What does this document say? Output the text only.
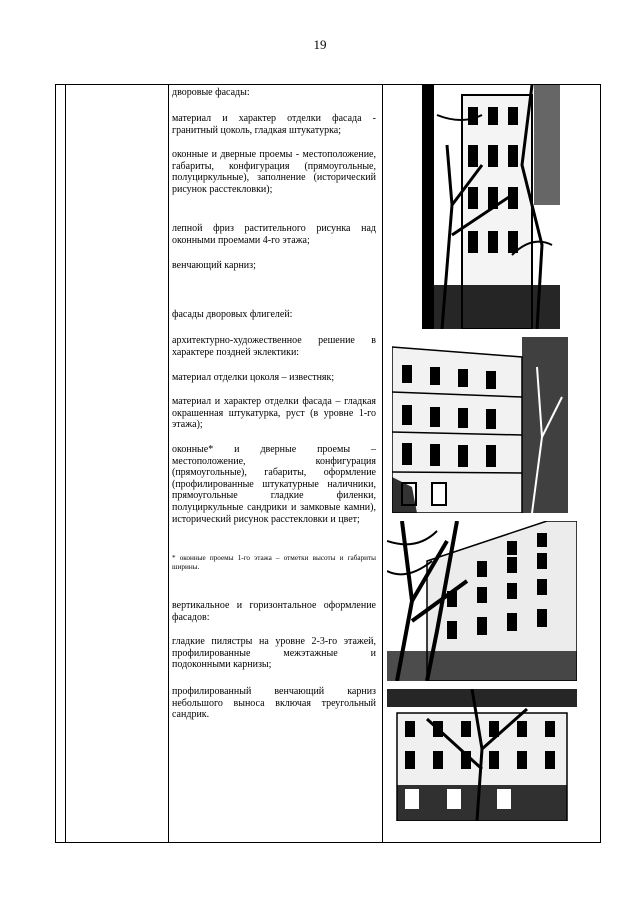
19
дворовые фасады:
материал и характер отделки фасада - гранитный цоколь, гладкая штукатурка;
оконные и дверные проемы - местоположение, габариты, конфигурация (прямоугольные, полуциркульные), заполнение (исторический рисунок расстекловки);
лепной фриз растительного рисунка над оконными проемами 4-го этажа;
венчающий карниз;
фасады дворовых флигелей:
архитектурно-художественное решение в характере поздней эклектики:
материал отделки цоколя – известняк;
материал и характер отделки фасада – гладкая окрашенная штукатурка, руст (в уровне 1-го этажа);
оконные* и дверные проемы – местоположение, конфигурация (прямоугольные), габариты, оформление (профилированные штукатурные наличники, прямоугольные гладкие филенки, полуциркульные сандрики и замковые камни), исторический рисунок расстекловки и цвет;
* оконные проемы 1-го этажа – отметки высоты и габариты ширины.
вертикальное и горизонтальное оформление фасадов:
гладкие пилястры на уровне 2-3-го этажей, профилированные межэтажные и подоконными карнизы;
профилированный венчающий карниз небольшого выноса включая треугольный сандрик.
